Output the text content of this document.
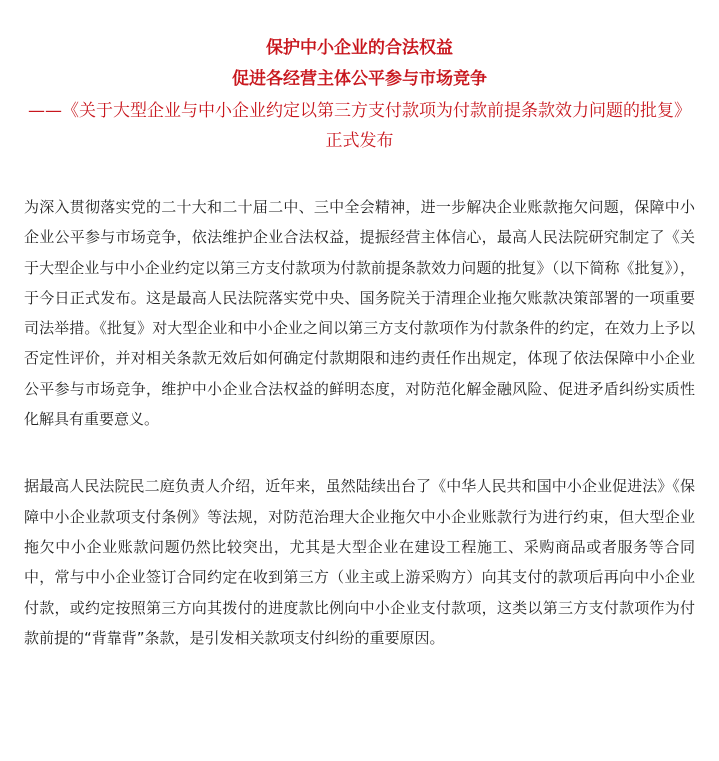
保护中小企业的合法权益

促进各经营主体公平参与市场竞争

——《关于大型企业与中小企业约定以第三方支付款项为付款前提条款效力问题的批复》正式发布

为深入贯彻落实党的二十大和二十届二中、三中全会精神，进一步解决企业账款拖欠问题，保障中小企业公平参与市场竞争，依法维护企业合法权益，提振经营主体信心，最高人民法院研究制定了《关于大型企业与中小企业约定以第三方支付款项为付款前提条款效力问题的批复》（以下简称《批复》），于今日正式发布。这是最高人民法院落实党中央、国务院关于清理企业拖欠账款决策部署的一项重要司法举措。《批复》对大型企业和中小企业之间以第三方支付款项作为付款条件的约定，在效力上予以否定性评价，并对相关条款无效后如何确定付款期限和违约责任作出规定，体现了依法保障中小企业公平参与市场竞争，维护中小企业合法权益的鲜明态度，对防范化解金融风险、促进矛盾纠纷实质性化解具有重要意义。

据最高人民法院民二庭负责人介绍，近年来，虽然陆续出台了《中华人民共和国中小企业促进法》《保障中小企业款项支付条例》等法规，对防范治理大企业拖欠中小企业账款行为进行约束，但大型企业拖欠中小企业账款问题仍然比较突出，尤其是大型企业在建设工程施工、采购商品或者服务等合同中，常与中小企业签订合同约定在收到第三方（业主或上游采购方）向其支付的款项后再向中小企业付款，或约定按照第三方向其拨付的进度款比例向中小企业支付款项，这类以第三方支付款项作为付款前提的“背靠背”条款，是引发相关款项支付纠纷的重要原因。
